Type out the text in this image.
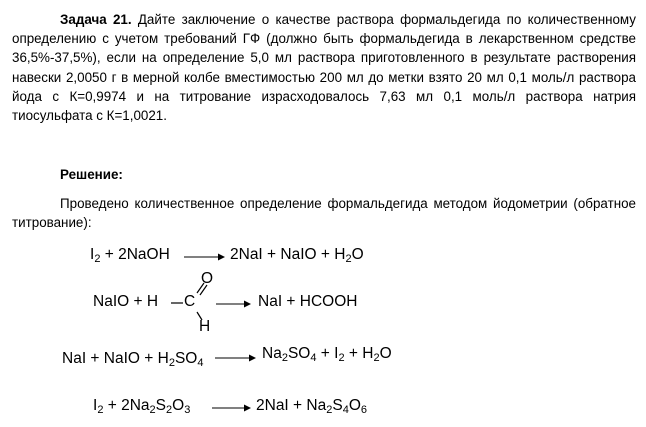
Задача 21. Дайте заключение о качестве раствора формальдегида по количественному определению с учетом требований ГФ (должно быть формальдегида в лекарственном средстве 36,5%-37,5%), если на определение 5,0 мл раствора приготовленного в результате растворения навески 2,0050 г в мерной колбе вместимостью 200 мл до метки взято 20 мл 0,1 моль/л раствора йода с К=0,9974 и на титрование израсходовалось 7,63 мл 0,1 моль/л раствора натрия тиосульфата с К=1,0021.

Решение:

Проведено количественное определение формальдегида методом йодометрии (обратное титрование):

$I_2$ + 2NaOH → 2NaI + NaIO + $H_2O$
NaIO + H C
O
H
→ NaI + HCOOH
NaI + NaIO + $H_2SO_4 \to Na_2SO_4 + I_2 + H_2O$
$I_2 + 2Na_2S_2O_3 \to 2NaI + Na_2S_4O_6$
